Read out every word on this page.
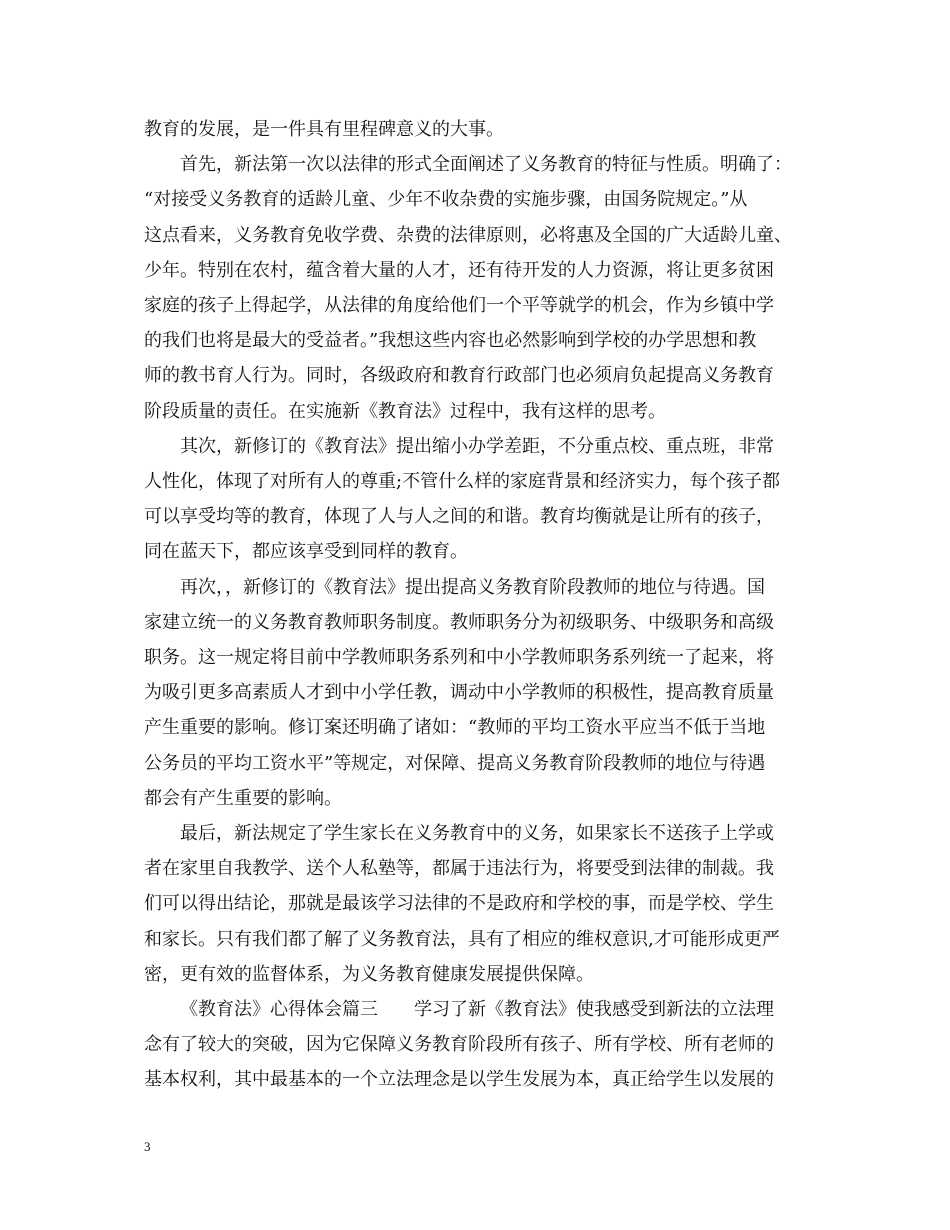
教育的发展，是一件具有里程碑意义的大事。
首先，新法第一次以法律的形式全面阐述了义务教育的特征与性质。明确了：
“对接受义务教育的适龄儿童、少年不收杂费的实施步骤，由国务院规定。”从
这点看来，义务教育免收学费、杂费的法律原则，必将惠及全国的广大适龄儿童、
少年。特别在农村，蕴含着大量的人才，还有待开发的人力资源，将让更多贫困
家庭的孩子上得起学，从法律的角度给他们一个平等就学的机会，作为乡镇中学
的我们也将是最大的受益者。”我想这些内容也必然影响到学校的办学思想和教
师的教书育人行为。同时，各级政府和教育行政部门也必须肩负起提高义务教育
阶段质量的责任。在实施新《教育法》过程中，我有这样的思考。
其次，新修订的《教育法》提出缩小办学差距，不分重点校、重点班，非常
人性化，体现了对所有人的尊重;不管什么样的家庭背景和经济实力，每个孩子都
可以享受均等的教育，体现了人与人之间的和谐。教育均衡就是让所有的孩子，
同在蓝天下，都应该享受到同样的教育。
再次，，新修订的《教育法》提出提高义务教育阶段教师的地位与待遇。国
家建立统一的义务教育教师职务制度。教师职务分为初级职务、中级职务和高级
职务。这一规定将目前中学教师职务系列和中小学教师职务系列统一了起来，将
为吸引更多高素质人才到中小学任教，调动中小学教师的积极性，提高教育质量
产生重要的影响。修订案还明确了诸如：“教师的平均工资水平应当不低于当地
公务员的平均工资水平”等规定，对保障、提高义务教育阶段教师的地位与待遇
都会有产生重要的影响。
最后，新法规定了学生家长在义务教育中的义务，如果家长不送孩子上学或
者在家里自我教学、送个人私塾等，都属于违法行为，将要受到法律的制裁。我
们可以得出结论，那就是最该学习法律的不是政府和学校的事，而是学校、学生
和家长。只有我们都了解了义务教育法，具有了相应的维权意识,才可能形成更严
密，更有效的监督体系，为义务教育健康发展提供保障。
《教育法》心得体会篇三　　学习了新《教育法》使我感受到新法的立法理
念有了较大的突破，因为它保障义务教育阶段所有孩子、所有学校、所有老师的
基本权利，其中最基本的一个立法理念是以学生发展为本，真正给学生以发展的
3
